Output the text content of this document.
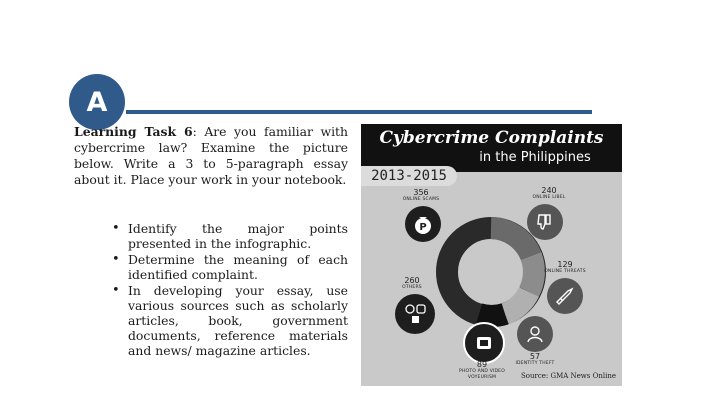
A
Learning Task 6: Are you familiar with cybercrime law? Examine the picture below. Write a 3 to 5-paragraph essay about it. Place your work in your notebook.
• Identify the major points presented in the infographic.
• Determine the meaning of each identified complaint.
• In developing your essay, use various sources such as scholarly articles, book, government documents, reference materials and news/ magazine articles.
Cybercrime Complaints
in the Philippines
2013-2015
356
ONLINE SCAMS
P
240
ONLINE LIBEL
129
ONLINE THREATS
260
OTHERS
89
PHOTO AND VIDEO VOYEURISM
57
IDENTITY THEFT
Source: GMA News Online
